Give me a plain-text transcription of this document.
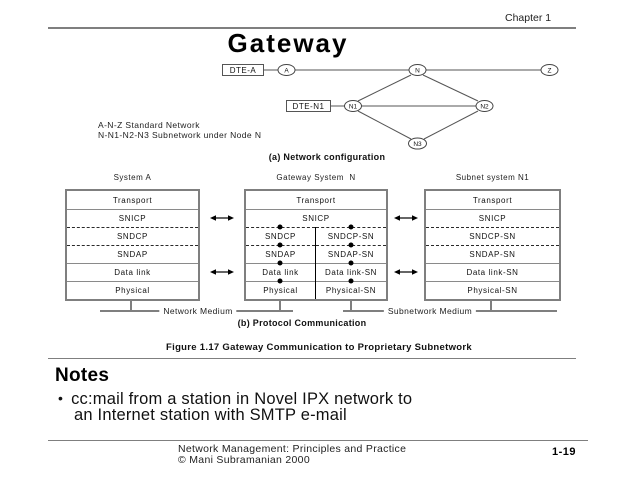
Chapter 1
Gateway
DTE-A
DTE-N1
A	N	Z
N1	N2
N3
A-N-Z Standard Network
N-N1-N2-N3 Subnetwork under Node N
(a) Network configuration
System A	Gateway System  N	Subnet system N1
Transport
SNICP
SNDCP
SNDAP
Data link
Physical
Transport
SNICP
SNDCP
SNDAP
Data link
Physical
SNDCP-SN
SNDAP-SN
Data link-SN
Physical-SN
Transport
SNICP
SNDCP-SN
SNDAP-SN
Data link-SN
Physical-SN
Network Medium	Subnetwork Medium
(b) Protocol Communication
Figure 1.17 Gateway Communication to Proprietary Subnetwork
Notes
• cc:mail from a station in Novel IPX network to
an Internet station with SMTP e-mail
Network Management: Principles and Practice
© Mani Subramanian 2000
1-19
